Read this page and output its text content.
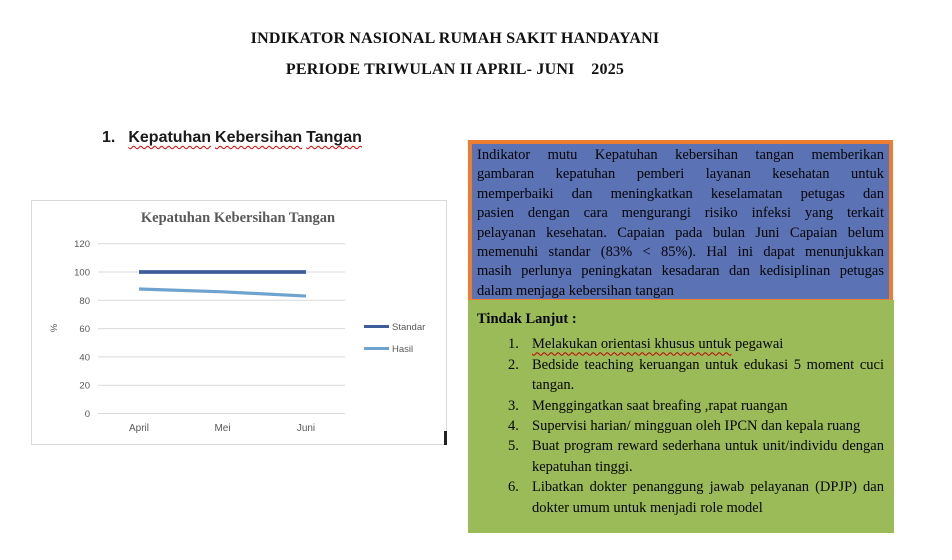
INDIKATOR NASIONAL RUMAH SAKIT HANDAYANI
PERIODE TRIWULAN II APRIL- JUNI    2025
1. Kepatuhan Kebersihan Tangan
Kepatuhan Kebersihan Tangan
0
20
40
60
80
100
120
April	Mei	Juni
%	Standar
Hasil
Indikator mutu Kepatuhan kebersihan tangan memberikan
gambaran kepatuhan pemberi layanan kesehatan untuk
memperbaiki dan meningkatkan keselamatan petugas dan
pasien dengan cara mengurangi risiko infeksi yang terkait
pelayanan kesehatan. Capaian pada bulan Juni Capaian belum
memenuhi standar (83% < 85%). Hal ini dapat menunjukkan
masih perlunya peningkatan kesadaran dan kedisiplinan petugas
dalam menjaga kebersihan tangan
Tindak Lanjut :
1. Melakukan orientasi khusus untuk pegawai
2. Bedside teaching keruangan untuk edukasi 5 moment cuci tangan.
3. Menggingatkan saat breafing ,rapat ruangan
4. Supervisi harian/ mingguan oleh IPCN dan kepala ruang
5. Buat program reward sederhana untuk unit/individu dengan kepatuhan tinggi.
6. Libatkan dokter penanggung jawab pelayanan (DPJP) dan dokter umum untuk menjadi role model
